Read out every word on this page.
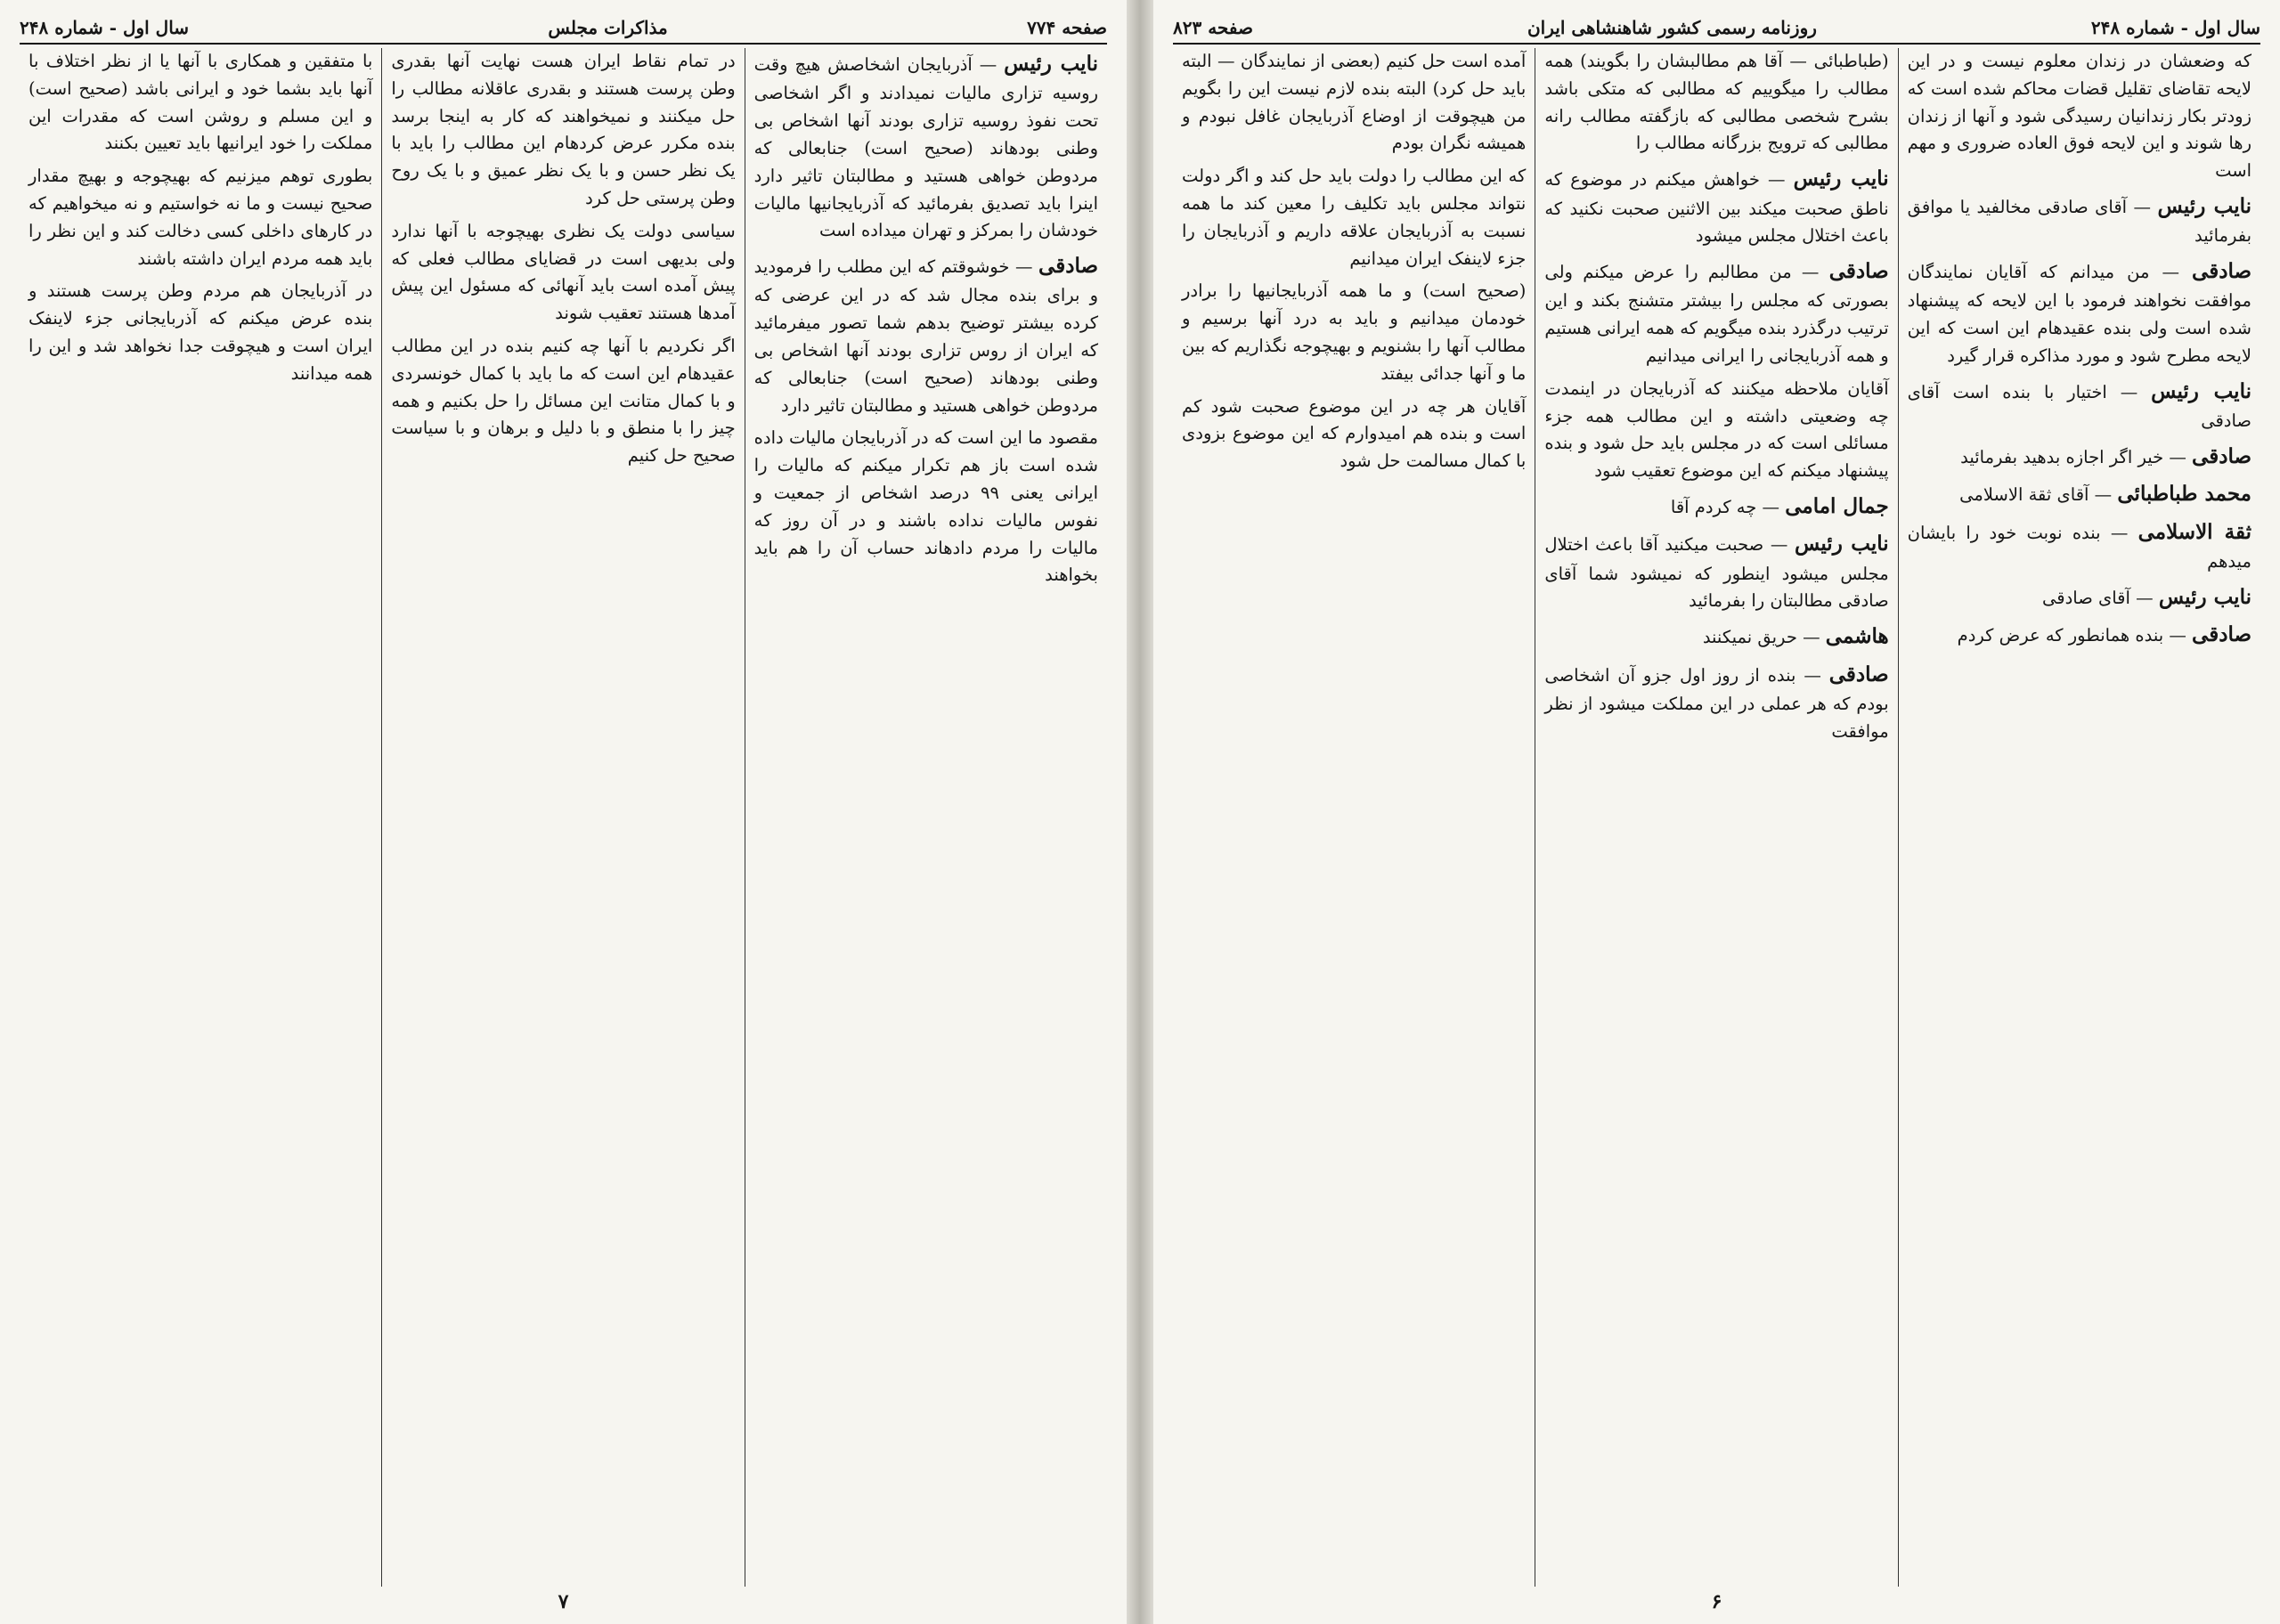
صفحه ۷۷۴
مذاکرات مجلس
سال اول - شماره ۲۴۸

نایب رئیس — آذربایجان اشخاصش هیچ وقت روسیه تزاری مالیات نمیدادند و اگر اشخاصی تحت نفوذ روسیه تزاری بودند آنها اشخاص بی وطنی بودهاند (صحیح است) جنابعالی که مردوطن خواهی هستید و مطالبتان تاثیر دارد اینرا باید تصدیق بفرمائید که آذربایجانیها مالیات خودشان را بمرکز و تهران میداده است

صادقی — خوشوقتم که این مطلب را فرمودید و برای بنده مجال شد که در این عرضی که کرده بیشتر توضیح بدهم شما تصور میفرمائید که ایران از روس تزاری بودند آنها اشخاص بی وطنی بودهاند (صحیح است) جنابعالی که مردوطن خواهی هستید و مطالبتان تاثیر دارد

مقصود ما این است که در آذربایجان مالیات داده شده است باز هم تکرار میکنم که مالیات را ایرانی یعنی ۹۹ درصد اشخاص از جمعیت و نفوس مالیات نداده باشند و در آن روز که مالیات را مردم دادهاند حساب آن را هم باید بخواهند

در تمام نقاط ایران هست نهایت آنها بقدری وطن پرست هستند و بقدری عاقلانه مطالب را حل میکنند و نمیخواهند که کار به اینجا برسد بنده مکرر عرض کردهام این مطالب را باید با یک نظر حسن و با یک نظر عمیق و با یک روح وطن پرستی حل کرد

سیاسی دولت یک نظری بهیچوجه با آنها ندارد ولی بدیهی است در قضایای مطالب فعلی که پیش آمده است باید آنهائی که مسئول این پیش آمدها هستند تعقیب شوند

اگر نکردیم با آنها چه کنیم بنده در این مطالب عقیدهام این است که ما باید با کمال خونسردی و با کمال متانت این مسائل را حل بکنیم و همه چیز را با منطق و با دلیل و برهان و با سیاست صحیح حل کنیم

با متفقین و همکاری با آنها یا از نظر اختلاف با آنها باید بشما خود و ایرانی باشد (صحیح است) و این مسلم و روشن است که مقدرات این مملکت را خود ایرانیها باید تعیین بکنند

بطوری توهم میزنیم که بهیچوجه و بهیچ مقدار صحیح نیست و ما نه خواستیم و نه میخواهیم که در کارهای داخلی کسی دخالت کند و این نظر را باید همه مردم ایران داشته باشند

در آذربایجان هم مردم وطن پرست هستند و بنده عرض میکنم که آذربایجانی جزء لاینفک ایران است و هیچوقت جدا نخواهد شد و این را همه میدانند

۷
سال اول - شماره ۲۴۸
روزنامه رسمی کشور شاهنشاهی ایران
صفحه ۸۲۳

که وضعشان در زندان معلوم نیست و در این لایحه تقاضای تقلیل قضات محاکم شده است که زودتر بکار زندانیان رسیدگی شود و آنها از زندان رها شوند و این لایحه فوق العاده ضروری و مهم است

نایب رئیس — آقای صادقی مخالفید یا موافق بفرمائید

صادقی — من میدانم که آقایان نمایندگان موافقت نخواهند فرمود با این لایحه که پیشنهاد شده است ولی بنده عقیدهام این است که این لایحه مطرح شود و مورد مذاکره قرار گیرد

نایب رئیس — اختیار با بنده است آقای صادقی

صادقی — خیر اگر اجازه بدهید بفرمائید

محمد طباطبائی — آقای ثقة الاسلامی

ثقة الاسلامی — بنده نوبت خود را بایشان میدهم

نایب رئیس — آقای صادقی

صادقی — بنده همانطور که عرض کردم

(طباطبائی — آقا هم مطالبشان را بگویند) همه مطالب را میگوییم که مطالبی که متکی باشد بشرح شخصی مطالبی که بازگفته مطالب رانه مطالبی که ترویج بزرگانه مطالب را

نایب رئیس — خواهش میکنم در موضوع که ناطق صحبت میکند بین الاثنین صحبت نکنید که باعث اختلال مجلس میشود

صادقی — من مطالبم را عرض میکنم ولی بصورتی که مجلس را بیشتر متشنج بکند و این ترتیب درگذرد بنده میگویم که همه ایرانی هستیم و همه آذربایجانی را ایرانی میدانیم

آقایان ملاحظه میکنند که آذربایجان در اینمدت چه وضعیتی داشته و این مطالب همه جزء مسائلی است که در مجلس باید حل شود و بنده پیشنهاد میکنم که این موضوع تعقیب شود

جمال امامی — چه کردم آقا

نایب رئیس — صحبت میکنید آقا باعث اختلال مجلس میشود اینطور که نمیشود شما آقای صادقی مطالبتان را بفرمائید

هاشمی — حریق نمیکنند

صادقی — بنده از روز اول جزو آن اشخاصی بودم که هر عملی در این مملکت میشود از نظر موافقت

آمده است حل کنیم (بعضی از نمایندگان — البته باید حل کرد) البته بنده لازم نیست این را بگویم من هیچوقت از اوضاع آذربایجان غافل نبودم و همیشه نگران بودم

که این مطالب را دولت باید حل کند و اگر دولت نتواند مجلس باید تکلیف را معین کند ما همه نسبت به آذربایجان علاقه داریم و آذربایجان را جزء لاینفک ایران میدانیم

(صحیح است) و ما همه آذربایجانیها را برادر خودمان میدانیم و باید به درد آنها برسیم و مطالب آنها را بشنویم و بهیچوجه نگذاریم که بین ما و آنها جدائی بیفتد

آقایان هر چه در این موضوع صحبت شود کم است و بنده هم امیدوارم که این موضوع بزودی با کمال مسالمت حل شود

۶
